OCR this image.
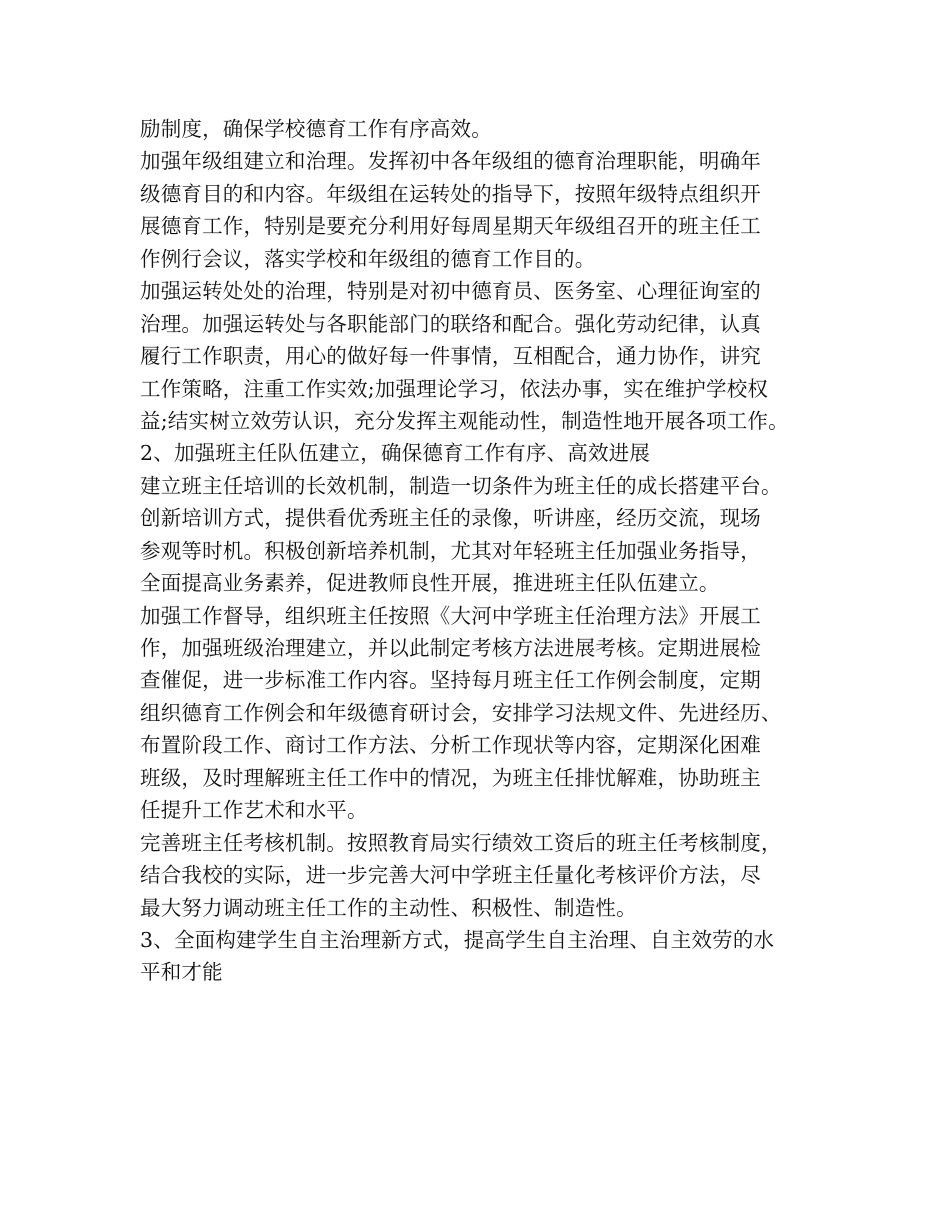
励制度，确保学校德育工作有序高效。
加强年级组建立和治理。发挥初中各年级组的德育治理职能，明确年
级德育目的和内容。年级组在运转处的指导下，按照年级特点组织开
展德育工作，特别是要充分利用好每周星期天年级组召开的班主任工
作例行会议，落实学校和年级组的德育工作目的。
加强运转处处的治理，特别是对初中德育员、医务室、心理征询室的
治理。加强运转处与各职能部门的联络和配合。强化劳动纪律，认真
履行工作职责，用心的做好每一件事情，互相配合，通力协作，讲究
工作策略，注重工作实效;加强理论学习，依法办事，实在维护学校权
益;结实树立效劳认识，充分发挥主观能动性，制造性地开展各项工作。
2、加强班主任队伍建立，确保德育工作有序、高效进展
建立班主任培训的长效机制，制造一切条件为班主任的成长搭建平台。
创新培训方式，提供看优秀班主任的录像，听讲座，经历交流，现场
参观等时机。积极创新培养机制，尤其对年轻班主任加强业务指导，
全面提高业务素养，促进教师良性开展，推进班主任队伍建立。
加强工作督导，组织班主任按照《大河中学班主任治理方法》开展工
作，加强班级治理建立，并以此制定考核方法进展考核。定期进展检
查催促，进一步标准工作内容。坚持每月班主任工作例会制度，定期
组织德育工作例会和年级德育研讨会，安排学习法规文件、先进经历、
布置阶段工作、商讨工作方法、分析工作现状等内容，定期深化困难
班级，及时理解班主任工作中的情况，为班主任排忧解难，协助班主
任提升工作艺术和水平。
完善班主任考核机制。按照教育局实行绩效工资后的班主任考核制度，
结合我校的实际，进一步完善大河中学班主任量化考核评价方法，尽
最大努力调动班主任工作的主动性、积极性、制造性。
3、全面构建学生自主治理新方式，提高学生自主治理、自主效劳的水
平和才能
